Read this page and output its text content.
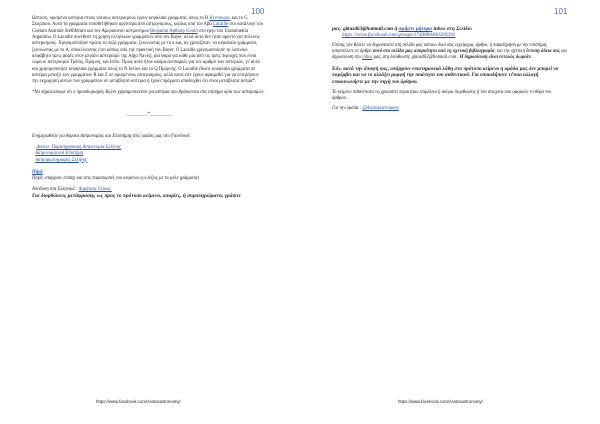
100

Ωστόσο, ορισμένα αστέρια στους νότιους αστερισμούς έχουν κεφαλαία γράμματα, όπως το Β Κένταυρου και το G Σκορπιού. Αυτά τα γράμματα τοποθετήθηκαν αργότερα από αστρονόμους, κυρίως από τον Αβά Lacaille στο κατάλογό του Coelum Australe Stelliferum και τον Αμερικανού αστρονόμου Benjamin Apthorp Gould στο έργο του Uranometria Argentina. O Lacaille συνέθεσε τη χρήση ελληνικών γραμμάτων από τον Bayer, αλλά αυτό δεν ήταν αρκετό για πολλούς αστερισμούς. Χρησιμοποίησε πρώτα τα πεζά γράμματα, ξεκινώντας με το a και, αν χρειαζόταν, τα κεφαλαία γράμματα, ξεκινώντας με το A, αποκλίνοντας έτσι κάπως από την πρακτική του Bayer. O Lacaille χρησιμοποίησε το λατινικό αλφάβητο τρεις φορές στον μεγάλο αστερισμό της Argo Navis], μία φορά για κάθε μία από τις τρεις περιοχές που είναι τώρα οι αστερισμοί Τρόπις, Πρύμνη, και Ιστίο. Όμως αυτό ήταν ακόμα ανεπαρκές για τον αριθμό των αστεριών, γι' αυτό και χρησιμοποίησε κεφαλαία γράμματα όπως το N Ιστίου και το Q Πρύμνης. O Lacaille έδωσε κεφαλαία γράμματα σε αστέρια μεταξύ των γραμμάτων R και Z σε ορισμένους αστερισμούς, αλλά αυτά είτε έχουν αφαιρεθεί για να επιτρέψουν την εκχώρηση αυτών των γραμμάτων σε μεταβλητά αστέρια ή έχουν πράγματι αποδειχθεί ότι είναι μεταβλητά άστρα*.

*Να σημειώσουμε ότι ο προσδιορισμός Bayer χρησιμοποιείται για αστέρια που βρίσκονται στα επίσημα όρια των αστερισμών.

________*________

Ενημερωθείτε για θέματα Αστρονομίας και Επιστήμης στις ομάδες μας στο Facebook:

. Δίκτυο- Παρατηρησιακή Αστρονομία Σελήνης

Αστρονομία και Επιστήμη

Αστροφωτογραφίες Σελήνης

Πηγή

Πηγές υπάρχουν επίσης και στις παραπομπές του κειμένου (οι λέξεις με τα μπλε γράμματα)

Απόδοση στα Ελληνικά : Δημήτρης Γκίκας.

Για διορθώσεις μετάφρασης ως προς το πρότυπο κείμενο, απορίες, ή συμπληρώματα, γράψτε

https://www.facebook.com/Aratosastronomy/
101

μας: gikasd63@hotmail.com ή αφήστε μήνυμα inbox στη Σελίδα:
https://www.facebook.com/groups/1744084460269391

Επίσης εάν θέλετε να δημοσιευτεί στη σελίδα μας κάποιο δικό σας εγχείρημα, άρθρο, ή παρατήρηση με την επιστήμη, αποστείλετε το άρθρο αυτό στο σελίδα μας απαραίτητα από τη σχετική βιβλιογραφία, και την σχετική έντυπη άδεια σας για δημοσίευση στο inbox μας, στη διεύθυνση: gikasd63@hotmail.com . Η δημοσίευση είναι εντελώς δωρεάν.

Εάν, κατά την άποψή σας, υπάρχουν επιστημονικά λάθη στο πρότυπο κείμενο η ομάδα μας δεν μπορεί να παρέμβει και να το αλλάξει μορφή την ποιότητα του αυθεντικού. Για οποιοδήποτε τέτοιο αλλαγή επικοινωνήστε με την πηγή του άρθρου.

Το κείμενο πιθανότατα να χρειαστεί περαιτέρω επιμέλεια ή ακόμα διορθώσεις ή νέα στοιχεία που αφορούν το θέμα του άρθρου.

Για την ομάδα : @Aratosastronomy

https://www.facebook.com/Aratosastronomy/
